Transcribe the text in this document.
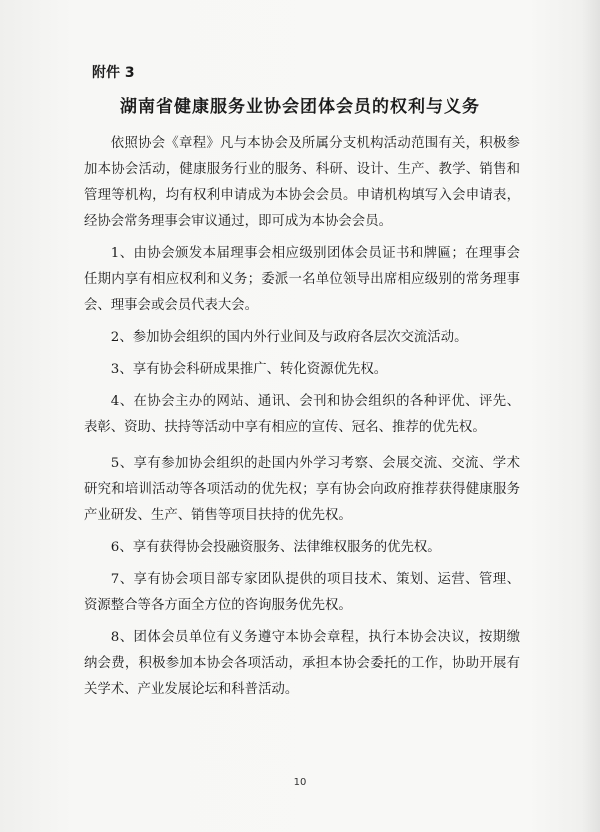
附件 3
湖南省健康服务业协会团体会员的权利与义务

依照协会《章程》凡与本协会及所属分支机构活动范围有关，积极参加本协会活动，健康服务行业的服务、科研、设计、生产、教学、销售和管理等机构，均有权利申请成为本协会会员。申请机构填写入会申请表，经协会常务理事会审议通过，即可成为本协会会员。

1、由协会颁发本届理事会相应级别团体会员证书和牌匾；在理事会任期内享有相应权利和义务；委派一名单位领导出席相应级别的常务理事会、理事会或会员代表大会。

2、参加协会组织的国内外行业间及与政府各层次交流活动。

3、享有协会科研成果推广、转化资源优先权。

4、在协会主办的网站、通讯、会刊和协会组织的各种评优、评先、表彰、资助、扶持等活动中享有相应的宣传、冠名、推荐的优先权。

5、享有参加协会组织的赴国内外学习考察、会展交流、交流、学术研究和培训活动等各项活动的优先权；享有协会向政府推荐获得健康服务产业研发、生产、销售等项目扶持的优先权。

6、享有获得协会投融资服务、法律维权服务的优先权。

7、享有协会项目部专家团队提供的项目技术、策划、运营、管理、资源整合等各方面全方位的咨询服务优先权。

8、团体会员单位有义务遵守本协会章程，执行本协会决议，按期缴纳会费，积极参加本协会各项活动，承担本协会委托的工作，协助开展有关学术、产业发展论坛和科普活动。

10
